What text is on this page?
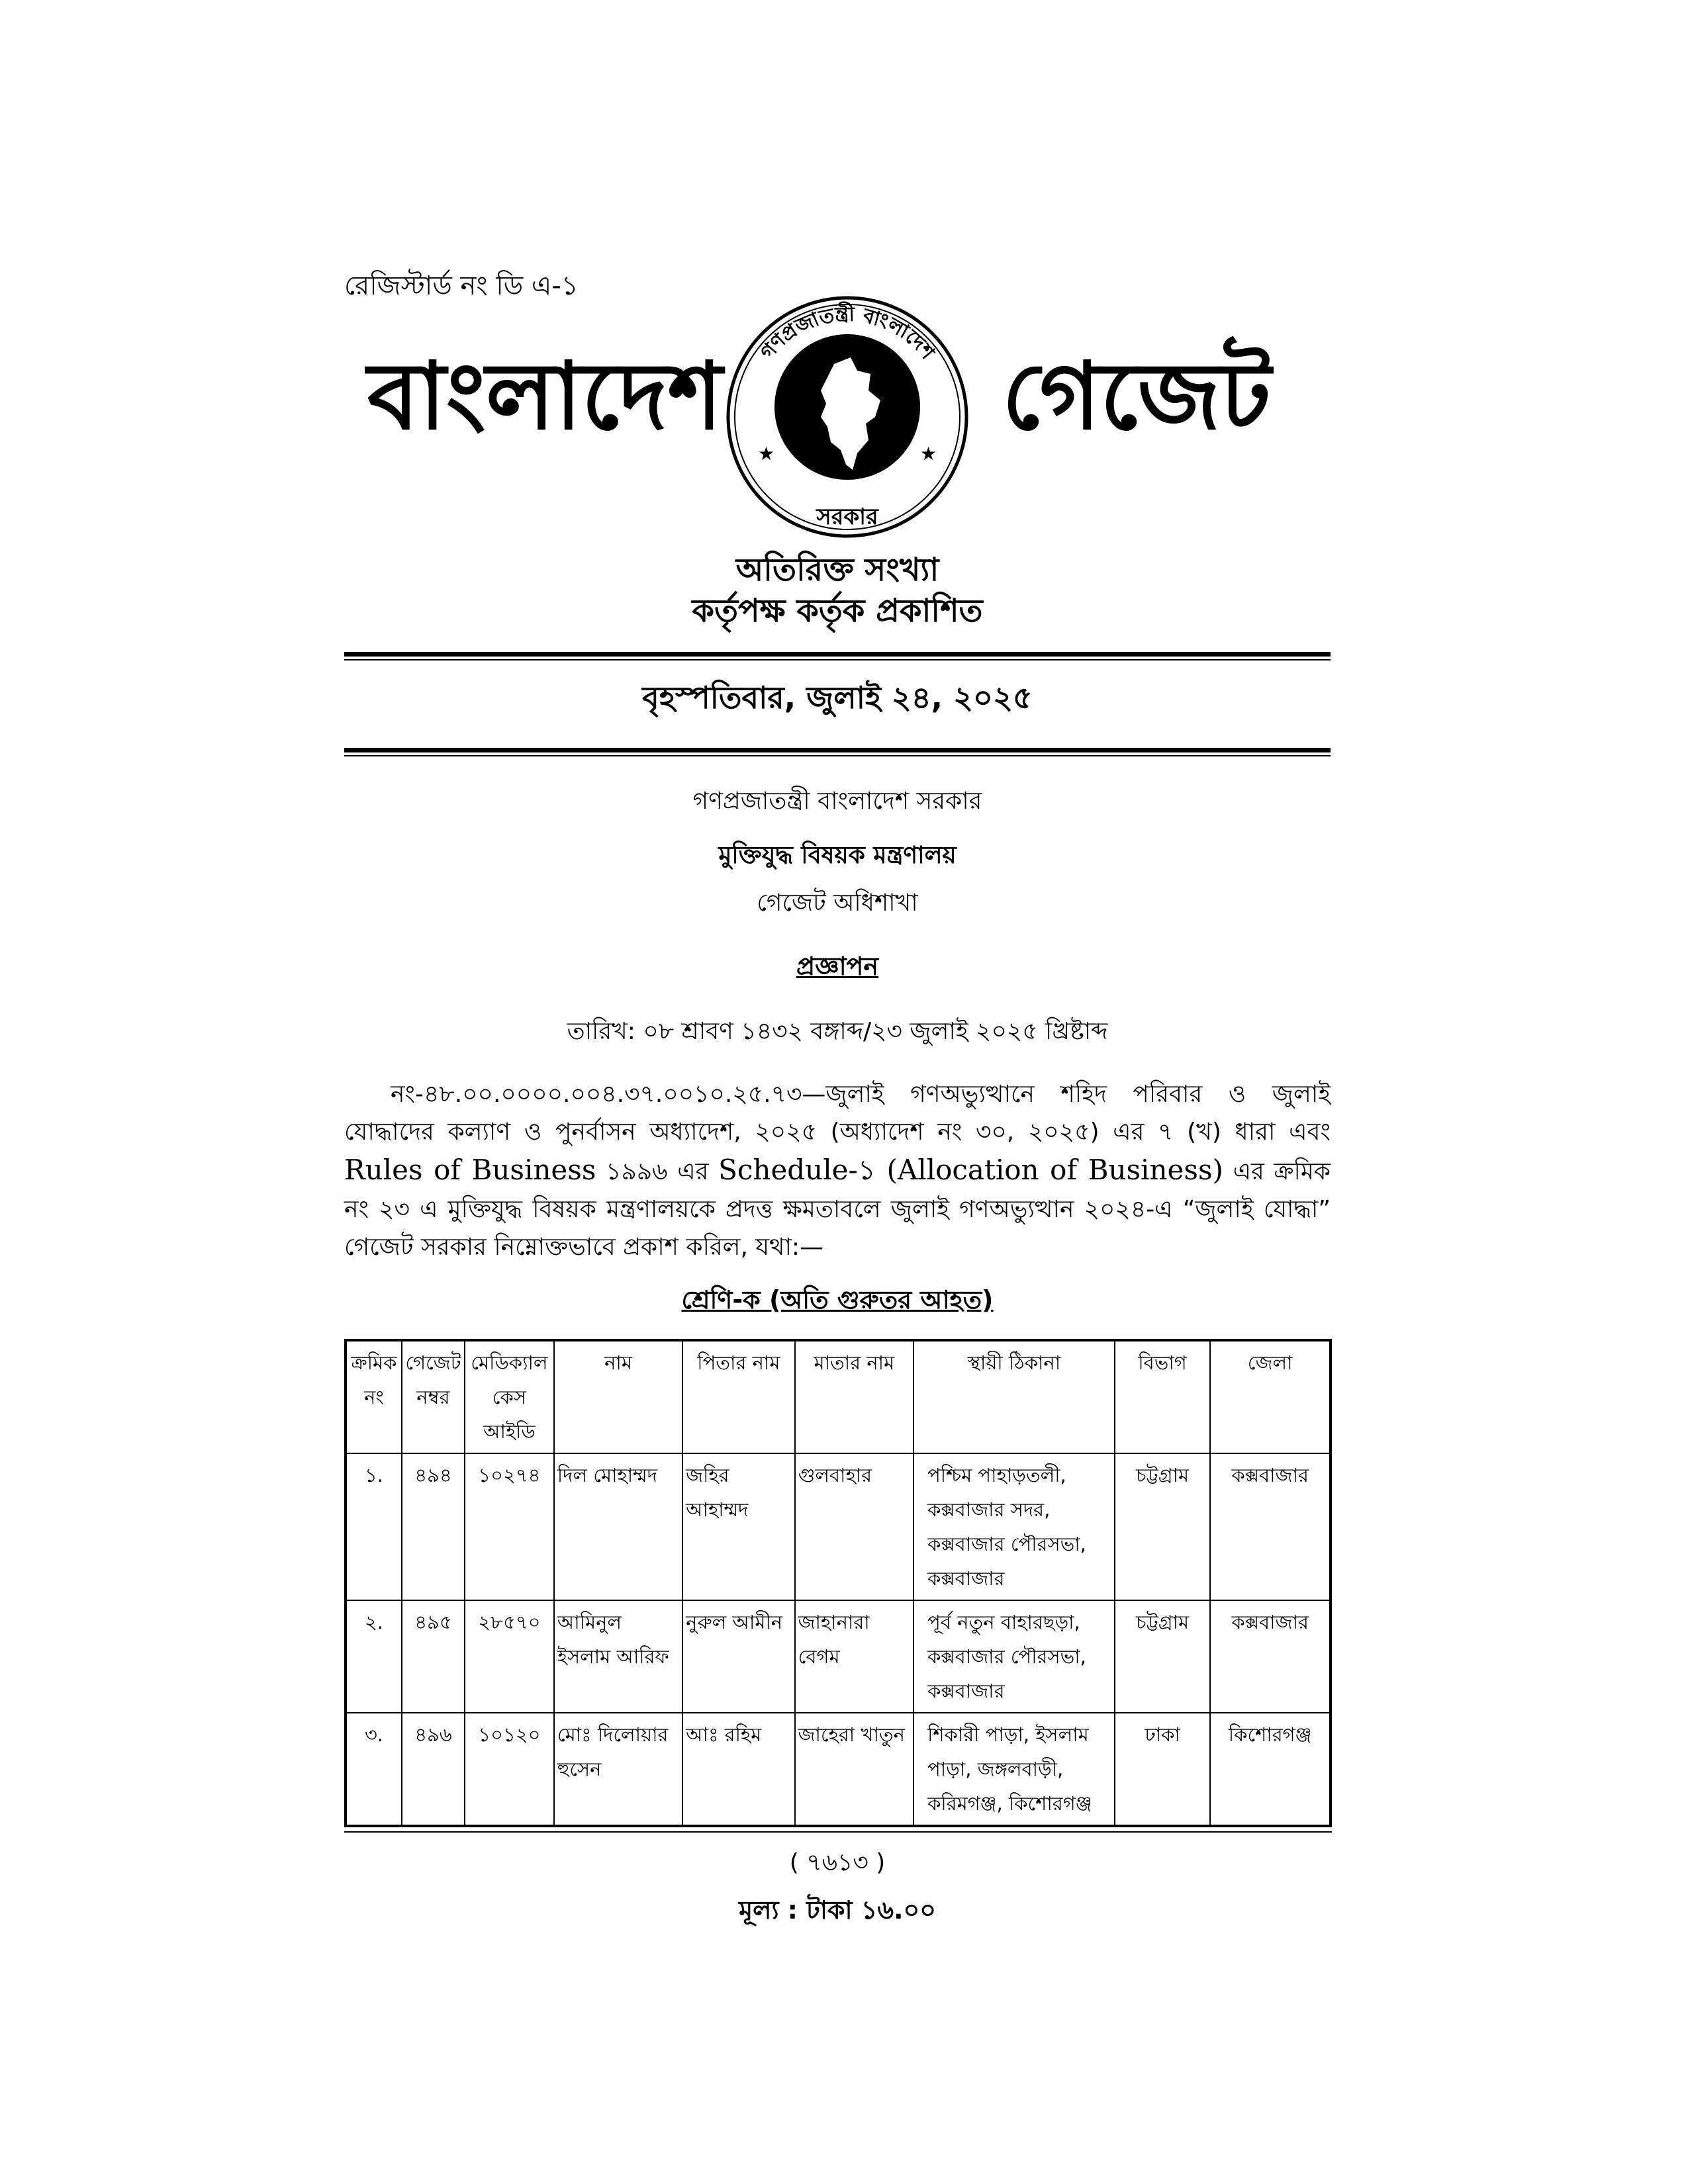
রেজিস্টার্ড নং ডি এ-১
বাংলাদেশ গণপ্রজাতন্ত্রী বাংলাদেশ
সরকার
★	★
গেজেট
অতিরিক্ত সংখ্যা
কর্তৃপক্ষ কর্তৃক প্রকাশিত
বৃহস্পতিবার, জুলাই ২৪, ২০২৫
গণপ্রজাতন্ত্রী বাংলাদেশ সরকার
মুক্তিযুদ্ধ বিষয়ক মন্ত্রণালয়
গেজেট অধিশাখা
প্রজ্ঞাপন
তারিখ: ০৮ শ্রাবণ ১৪৩২ বঙ্গাব্দ/২৩ জুলাই ২০২৫ খ্রিষ্টাব্দ
নং-৪৮.০০.০০০০.০০৪.৩৭.০০১০.২৫.৭৩—জুলাই গণঅভ্যুত্থানে শহিদ পরিবার ও জুলাই যোদ্ধাদের কল্যাণ ও পুনর্বাসন অধ্যাদেশ, ২০২৫ (অধ্যাদেশ নং ৩০, ২০২৫) এর ৭ (খ) ধারা এবং Rules of Business ১৯৯৬ এর Schedule-১ (Allocation of Business) এর ক্রমিক নং ২৩ এ মুক্তিযুদ্ধ বিষয়ক মন্ত্রণালয়কে প্রদত্ত ক্ষমতাবলে জুলাই গণঅভ্যুত্থান ২০২৪-এ “জুলাই যোদ্ধা” গেজেট সরকার নিম্নোক্তভাবে প্রকাশ করিল, যথা:—
শ্রেণি-ক (অতি গুরুতর আহত)
ক্রমিক নং	গেজেট নম্বর	মেডিক্যাল কেস আইডি	নাম	পিতার নাম	মাতার নাম	স্থায়ী ঠিকানা	বিভাগ	জেলা
১.	৪৯৪	১০২৭৪	দিল মোহাম্মদ	জহির আহাম্মদ	গুলবাহার	পশ্চিম পাহাড়তলী, কক্সবাজার সদর, কক্সবাজার পৌরসভা, কক্সবাজার	চট্টগ্রাম	কক্সবাজার
২.	৪৯৫	২৮৫৭০	আমিনুল ইসলাম আরিফ	নুরুল আমীন	জাহানারা বেগম	পূর্ব নতুন বাহারছড়া, কক্সবাজার পৌরসভা, কক্সবাজার	চট্টগ্রাম	কক্সবাজার
৩.	৪৯৬	১০১২০	মোঃ দিলোয়ার হুসেন	আঃ রহিম	জাহেরা খাতুন	শিকারী পাড়া, ইসলাম পাড়া, জঙ্গলবাড়ী, করিমগঞ্জ, কিশোরগঞ্জ	ঢাকা	কিশোরগঞ্জ
( ৭৬১৩ )
মূল্য : টাকা ১৬.০০
